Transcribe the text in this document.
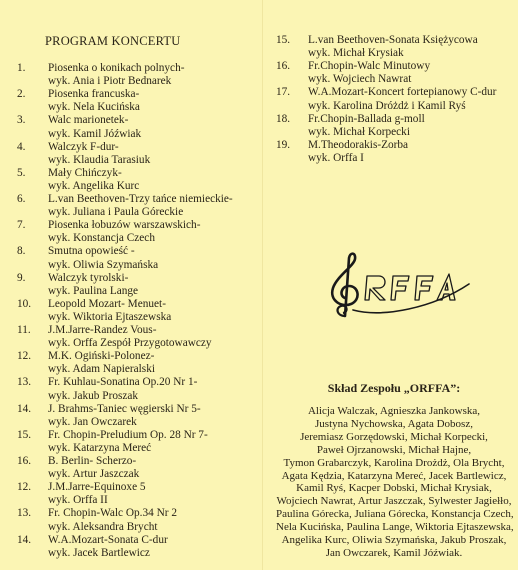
PROGRAM KONCERTU
1. Piosenka o konikach polnych-
wyk. Ania i Piotr Bednarek
2. Piosenka francuska-
wyk. Nela Kucińska
3. Walc marionetek-
wyk. Kamil Jóźwiak
4. Walczyk F-dur-
wyk. Klaudia Tarasiuk
5. Mały Chińczyk-
wyk. Angelika Kurc
6. L.van Beethoven-Trzy tańce niemieckie-
wyk. Juliana i Paula Góreckie
7. Piosenka łobuzów warszawskich-
wyk. Konstancja Czech
8. Smutna opowieść -
wyk. Oliwia Szymańska
9. Walczyk tyrolski-
wyk. Paulina Lange
10. Leopold Mozart- Menuet-
wyk. Wiktoria Ejtaszewska
11. J.M.Jarre-Randez Vous-
wyk. Orffa Zespół Przygotowawczy
12. M.K. Ogiński-Polonez-
wyk. Adam Napieralski
13. Fr. Kuhlau-Sonatina Op.20 Nr 1-
wyk. Jakub Proszak
14. J. Brahms-Taniec węgierski Nr 5-
wyk. Jan Owczarek
15. Fr. Chopin-Preludium Op. 28 Nr 7-
wyk. Katarzyna Mereć
16. B. Berlin- Scherzo-
wyk. Artur Jaszczak
12. J.M.Jarre-Equinoxe 5
wyk. Orffa II
13. Fr. Chopin-Walc Op.34 Nr 2
wyk. Aleksandra Brycht
14. W.A.Mozart-Sonata C-dur
wyk. Jacek Bartlewicz
15. L.van Beethoven-Sonata Księżycowa
wyk. Michał Krysiak
16. Fr.Chopin-Walc Minutowy
wyk. Wojciech Nawrat
17. W.A.Mozart-Koncert fortepianowy C-dur
wyk. Karolina Dróżdż i Kamil Ryś
18. Fr.Chopin-Ballada g-moll
wyk. Michał Korpecki
19. M.Theodorakis-Zorba
wyk. Orffa I
Skład Zespołu „ORFFA”:
Alicja Walczak, Agnieszka Jankowska,
Justyna Nychowska, Agata Dobosz,
Jeremiasz Gorzędowski, Michał Korpecki,
Paweł Ojrzanowski, Michał Hajne,
Tymon Grabarczyk, Karolina Drożdż, Ola Brycht,
Agata Kędzia, Katarzyna Mereć, Jacek Bartlewicz,
Kamil Ryś, Kacper Dobski, Michał Krysiak,
Wojciech Nawrat, Artur Jaszczak, Sylwester Jagiełło,
Paulina Górecka, Juliana Górecka, Konstancja Czech,
Nela Kucińska, Paulina Lange, Wiktoria Ejtaszewska,
Angelika Kurc, Oliwia Szymańska, Jakub Proszak,
Jan Owczarek, Kamil Jóźwiak.
